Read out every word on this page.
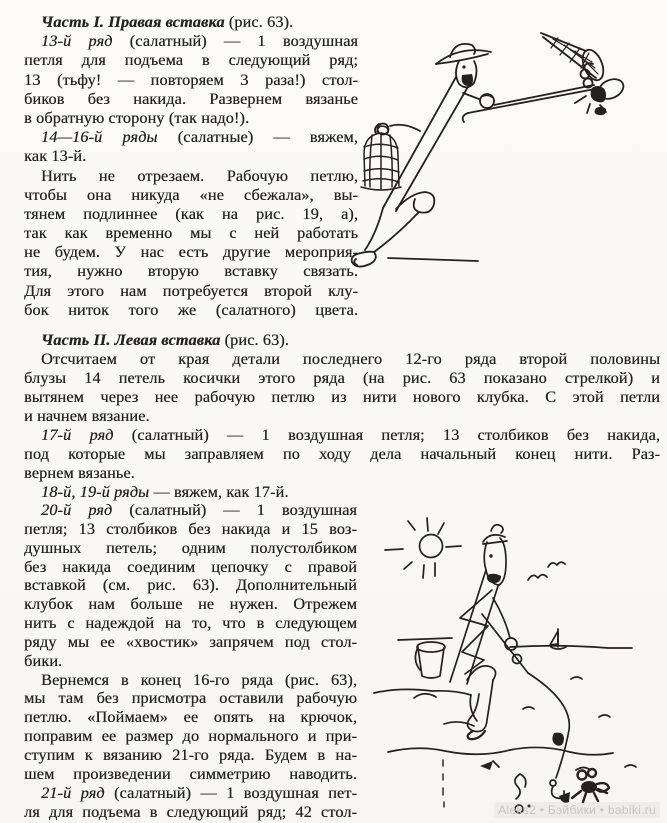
Часть I. Правая вставка (рис. 63).
13-й ряд (салатный) — 1 воздушная
петля для подъема в следующий ряд;
13 (тьфу! — повторяем 3 раза!) стол-
биков без накида. Развернем вязанье
в обратную сторону (так надо!).
14—16-й ряды (салатные) — вяжем,
как 13-й.
Нить не отрезаем. Рабочую петлю,
чтобы она никуда «не сбежала», вы-
тянем подлиннее (как на рис. 19, а),
так как временно мы с ней работать
не будем. У нас есть другие мероприя-
тия, нужно вторую вставку связать.
Для этого нам потребуется второй клу-
бок ниток того же (салатного) цвета.
Часть II. Левая вставка (рис. 63).
Отсчитаем от края детали последнего 12-го ряда второй половины
блузы 14 петель косички этого ряда (на рис. 63 показано стрелкой) и
вытянем через нее рабочую петлю из нити нового клубка. С этой петли
и начнем вязание.
17-й ряд (салатный) — 1 воздушная петля; 13 столбиков без накида,
под которые мы заправляем по ходу дела начальный конец нити. Раз-
вернем вязанье.
18-й, 19-й ряды — вяжем, как 17-й.
20-й ряд (салатный) — 1 воздушная
петля; 13 столбиков без накида и 15 воз-
душных петель; одним полустолбиком
без накида соединим цепочку с правой
вставкой (см. рис. 63). Дополнительный
клубок нам больше не нужен. Отрежем
нить с надеждой на то, что в следующем
ряду мы ее «хвостик» запрячем под стол-
бики.
Вернемся в конец 16-го ряда (рис. 63),
мы там без присмотра оставили рабочую
петлю. «Поймаем» ее опять на крючок,
поправим ее размер до нормального и при-
ступим к вязанию 21-го ряда. Будем в на-
шем произведении симметрию наводить.
21-й ряд (салатный) — 1 воздушная пет-
ля для подъема в следующий ряд; 42 стол-	Aleks2 • Бэйбики • babiki.ru
